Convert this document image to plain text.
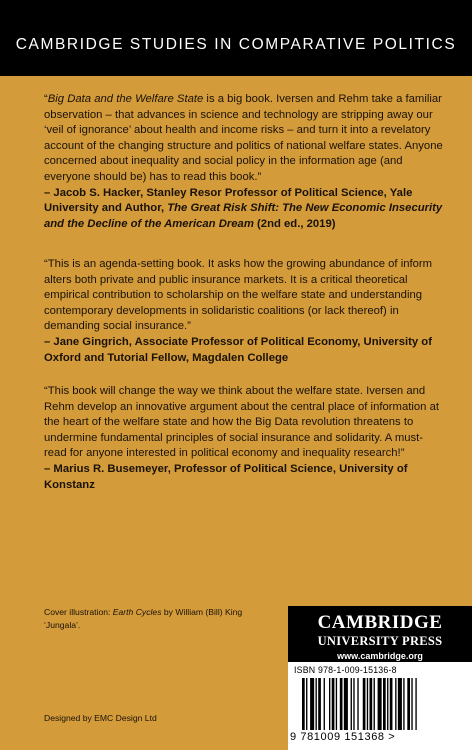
CAMBRIDGE STUDIES IN COMPARATIVE POLITICS

“Big Data and the Welfare State is a big book. Iversen and Rehm take a familiar observation – that advances in science and technology are stripping away our ‘veil of ignorance’ about health and income risks – and turn it into a revelatory account of the changing structure and politics of national welfare states. Anyone concerned about inequality and social policy in the information age (and everyone should be) has to read this book.”

– Jacob S. Hacker, Stanley Resor Professor of Political Science, Yale University and Author, The Great Risk Shift: The New Economic Insecurity and the Decline of the American Dream (2nd ed., 2019)

“This is an agenda-setting book. It asks how the growing abundance of inform alters both private and public insurance markets. It is a critical theoretical empirical contribution to scholarship on the welfare state and understanding contemporary developments in solidaristic coalitions (or lack thereof) in demanding social insurance.”

– Jane Gingrich, Associate Professor of Political Economy, University of Oxford and Tutorial Fellow, Magdalen College

“This book will change the way we think about the welfare state. Iversen and Rehm develop an innovative argument about the central place of information at the heart of the welfare state and how the Big Data revolution threatens to undermine fundamental principles of social insurance and solidarity. A must-read for anyone interested in political economy and inequality research!”

– Marius R. Busemeyer, Professor of Political Science, University of Konstanz

Cover illustration: Earth Cycles by William (Bill) King ‘Jungala’.
Designed by EMC Design Ltd
CAMBRIDGE
UNIVERSITY PRESS
www.cambridge.org
ISBN 978-1-009-15136-8
9 781009 151368 >
